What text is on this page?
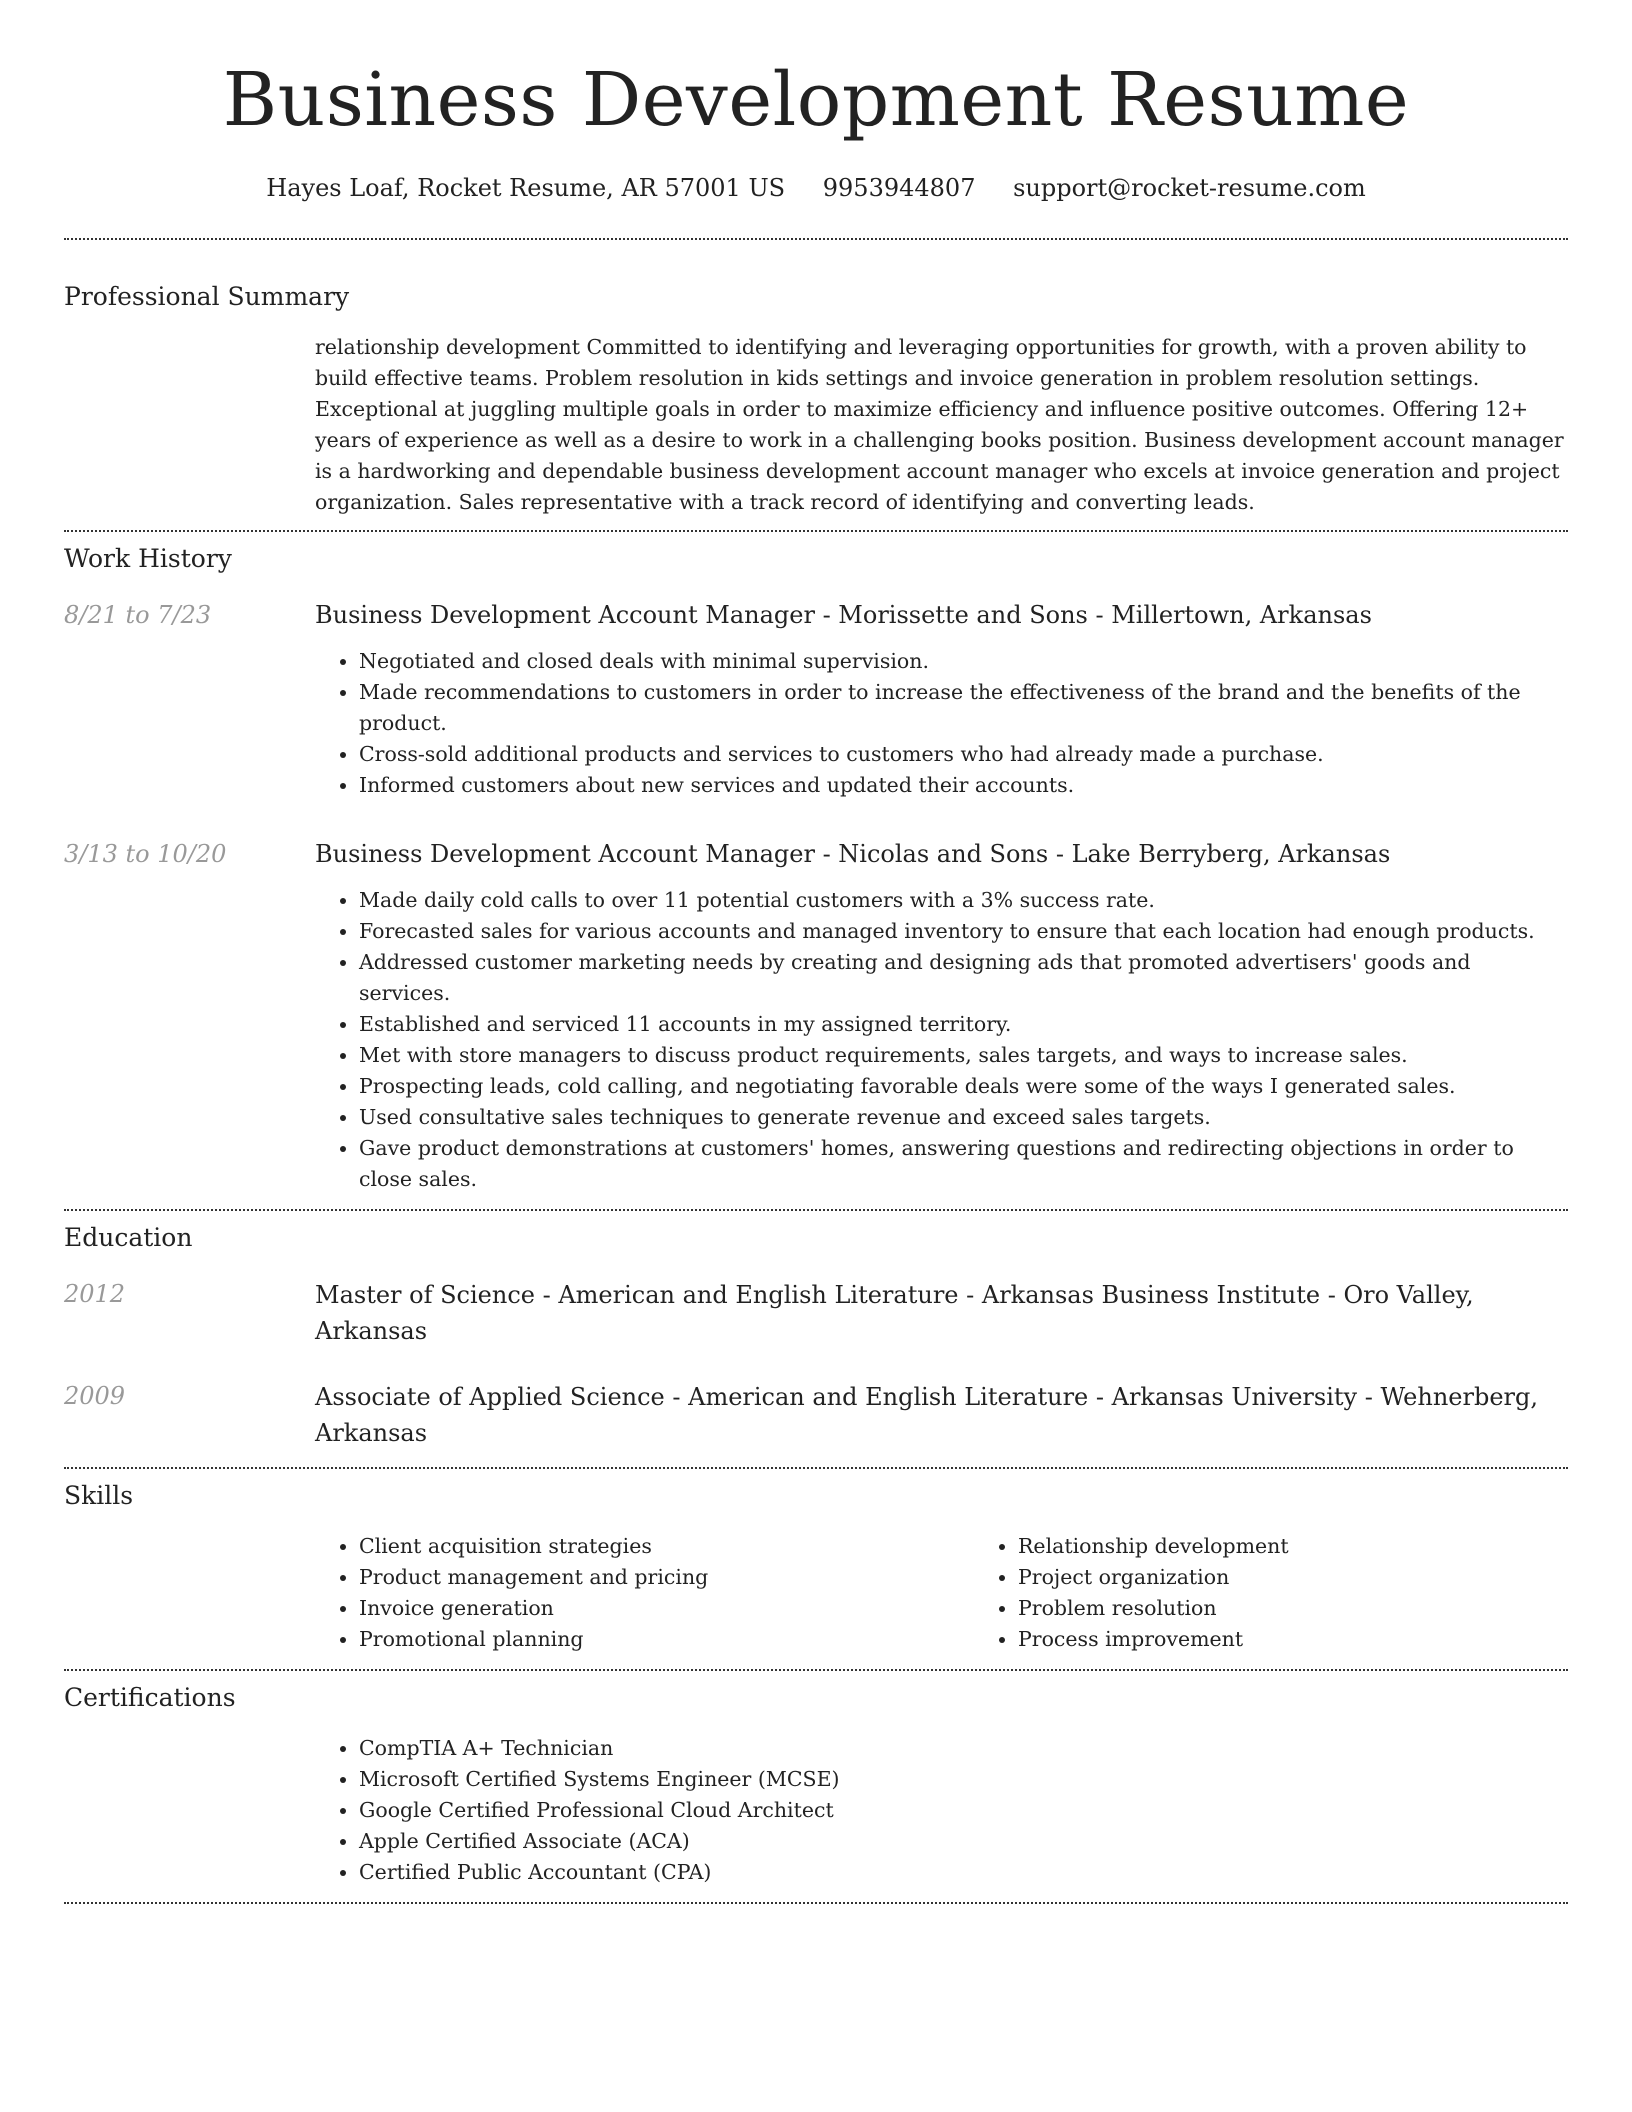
Business Development Resume
Hayes Loaf, Rocket Resume, AR 57001 US 9953944807 support@rocket-resume.com
Professional Summary

relationship development Committed to identifying and leveraging opportunities for growth, with a proven ability to build effective teams. Problem resolution in kids settings and invoice generation in problem resolution settings. Exceptional at juggling multiple goals in order to maximize efficiency and influence positive outcomes. Offering 12+ years of experience as well as a desire to work in a challenging books position. Business development account manager is a hardworking and dependable business development account manager who excels at invoice generation and project organization. Sales representative with a track record of identifying and converting leads.

Work History
8/21 to 7/23	Business Development Account Manager - Morissette and Sons - Millertown, Arkansas
• Negotiated and closed deals with minimal supervision.
• Made recommendations to customers in order to increase the effectiveness of the brand and the benefits of the product.
• Cross-sold additional products and services to customers who had already made a purchase.
• Informed customers about new services and updated their accounts.
3/13 to 10/20	Business Development Account Manager - Nicolas and Sons - Lake Berryberg, Arkansas
• Made daily cold calls to over 11 potential customers with a 3% success rate.
• Forecasted sales for various accounts and managed inventory to ensure that each location had enough products.
• Addressed customer marketing needs by creating and designing ads that promoted advertisers' goods and services.
• Established and serviced 11 accounts in my assigned territory.
• Met with store managers to discuss product requirements, sales targets, and ways to increase sales.
• Prospecting leads, cold calling, and negotiating favorable deals were some of the ways I generated sales.
• Used consultative sales techniques to generate revenue and exceed sales targets.
• Gave product demonstrations at customers' homes, answering questions and redirecting objections in order to close sales.
Education
2012	Master of Science - American and English Literature - Arkansas Business Institute - Oro Valley, Arkansas
2009	Associate of Applied Science - American and English Literature - Arkansas University - Wehnerberg, Arkansas
Skills
• Client acquisition strategies
• Product management and pricing
• Invoice generation
• Promotional planning
• Relationship development
• Project organization
• Problem resolution
• Process improvement
Certifications
• CompTIA A+ Technician
• Microsoft Certified Systems Engineer (MCSE)
• Google Certified Professional Cloud Architect
• Apple Certified Associate (ACA)
• Certified Public Accountant (CPA)
